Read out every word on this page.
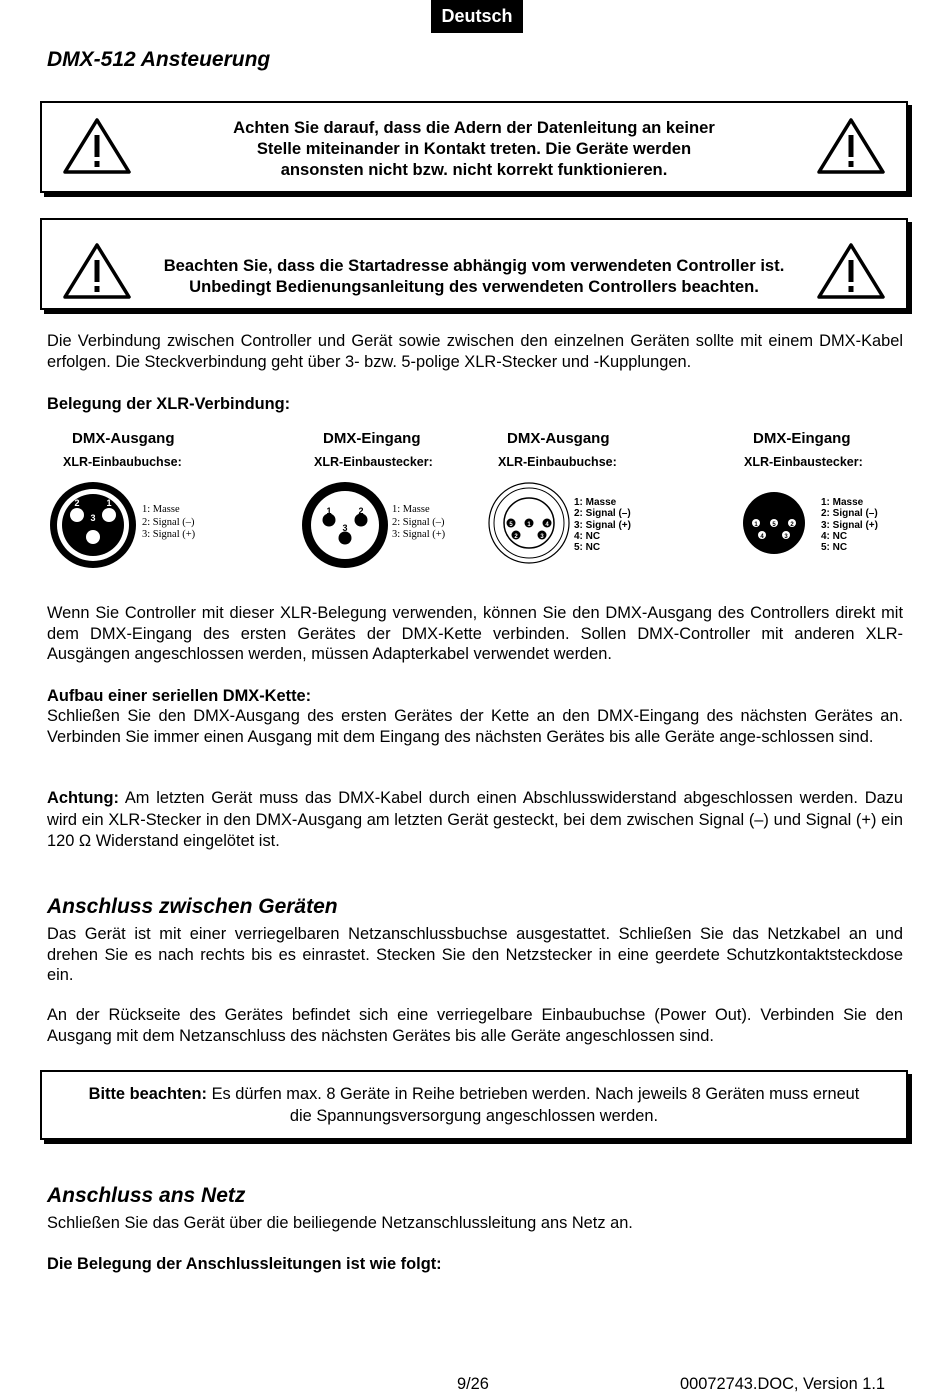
Deutsch
DMX-512 Ansteuerung
Achten Sie darauf, dass die Adern der Datenleitung an keiner
Stelle miteinander in Kontakt treten. Die Geräte werden
ansonsten nicht bzw. nicht korrekt funktionieren.
Beachten Sie, dass die Startadresse abhängig vom verwendeten Controller ist.
Unbedingt Bedienungsanleitung des verwendeten Controllers beachten.

Die Verbindung zwischen Controller und Gerät sowie zwischen den einzelnen Geräten sollte mit einem DMX-Kabel erfolgen. Die Steckverbindung geht über 3- bzw. 5-polige XLR-Stecker und -Kupplungen.

Belegung der XLR-Verbindung:

DMX-Ausgang
XLR-Einbaubuchse:
2	1
3
1: Masse
2: Signal (–)
3: Signal (+)
DMX-Eingang
XLR-Einbaustecker:
1	2
3
1: Masse
2: Signal (–)
3: Signal (+)
DMX-Ausgang
XLR-Einbaubuchse:
5 1 4
2	3
1: Masse
2: Signal (–)
3: Signal (+)
4: NC
5: NC
DMX-Eingang
XLR-Einbaustecker:
1 5 2
4	3
1: Masse
2: Signal (–)
3: Signal (+)
4: NC
5: NC

Wenn Sie Controller mit dieser XLR-Belegung verwenden, können Sie den DMX-Ausgang des Controllers direkt mit dem DMX-Eingang des ersten Gerätes der DMX-Kette verbinden. Sollen DMX-Controller mit anderen XLR-Ausgängen angeschlossen werden, müssen Adapterkabel verwendet werden.

Aufbau einer seriellen DMX-Kette:

Schließen Sie den DMX-Ausgang des ersten Gerätes der Kette an den DMX-Eingang des nächsten Gerätes an. Verbinden Sie immer einen Ausgang mit dem Eingang des nächsten Gerätes bis alle Geräte ange-schlossen sind.

Achtung: Am letzten Gerät muss das DMX-Kabel durch einen Abschlusswiderstand abgeschlossen werden. Dazu wird ein XLR-Stecker in den DMX-Ausgang am letzten Gerät gesteckt, bei dem zwischen Signal (–) und Signal (+) ein 120 Ω Widerstand eingelötet ist.

Anschluss zwischen Geräten

Das Gerät ist mit einer verriegelbaren Netzanschlussbuchse ausgestattet. Schließen Sie das Netzkabel an und drehen Sie es nach rechts bis es einrastet. Stecken Sie den Netzstecker in eine geerdete Schutzkontaktsteckdose ein.

An der Rückseite des Gerätes befindet sich eine verriegelbare Einbaubuchse (Power Out). Verbinden Sie den Ausgang mit dem Netzanschluss des nächsten Gerätes bis alle Geräte angeschlossen sind.

Bitte beachten: Es dürfen max. 8 Geräte in Reihe betrieben werden. Nach jeweils 8 Geräten muss erneut
die Spannungsversorgung angeschlossen werden.
Anschluss ans Netz

Schließen Sie das Gerät über die beiliegende Netzanschlussleitung ans Netz an.

Die Belegung der Anschlussleitungen ist wie folgt:

9/26	00072743.DOC, Version 1.1
